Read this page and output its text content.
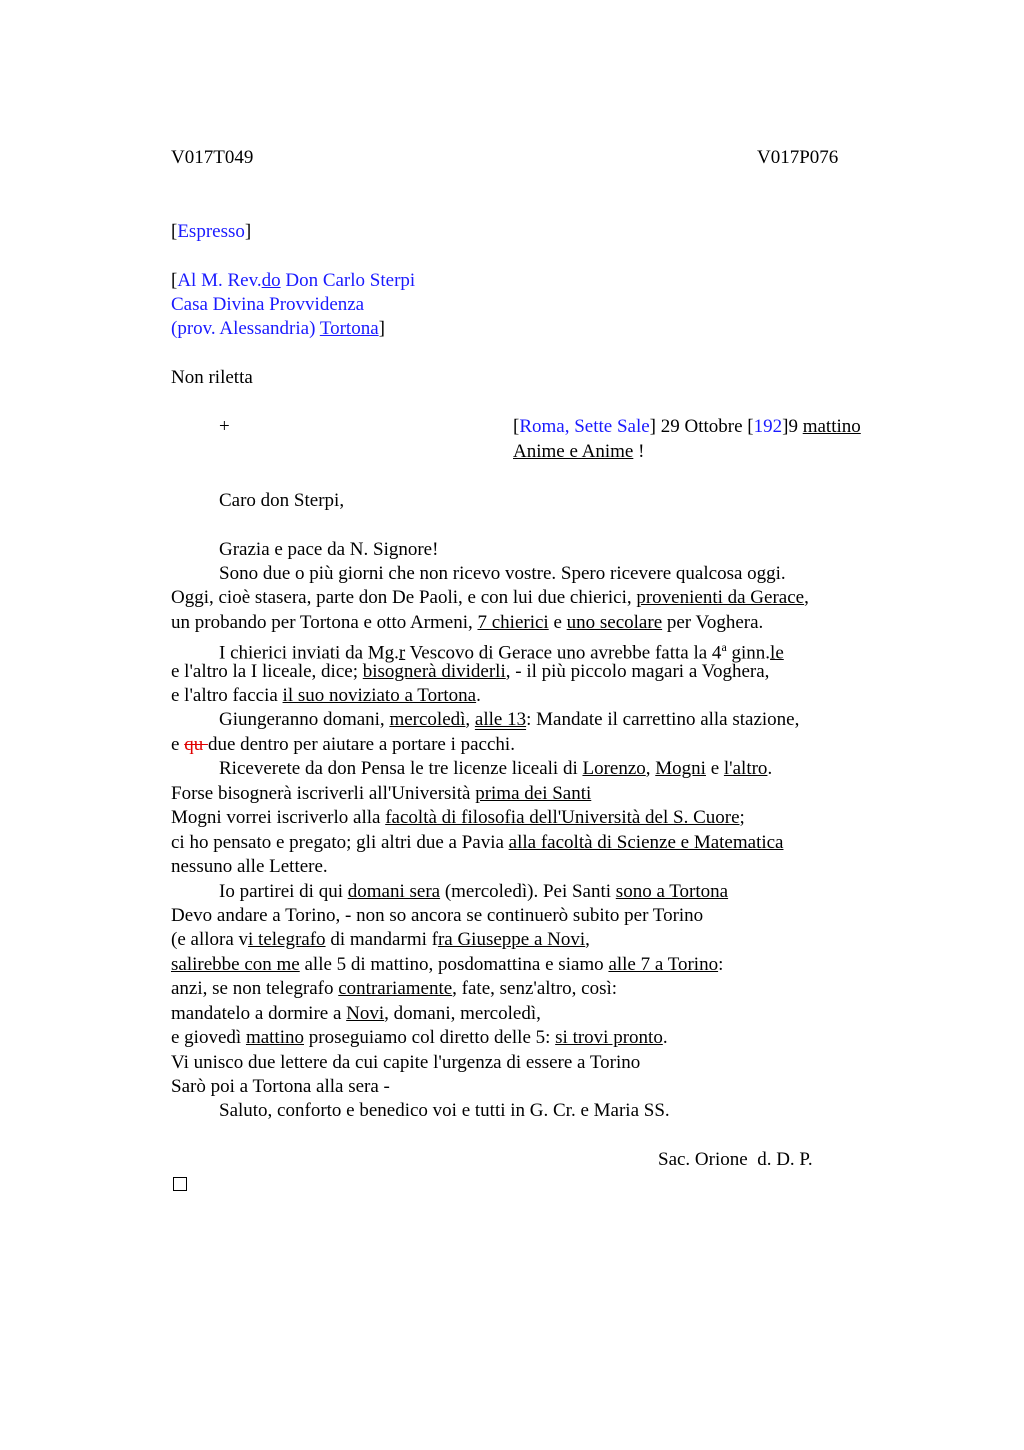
V017T049	V017P076
[Espresso]
[Al M. Rev.do Don Carlo Sterpi
Casa Divina Provvidenza
(prov. Alessandria) Tortona]
Non riletta
+	[Roma, Sette Sale] 29 Ottobre [192]9 mattino
Anime e Anime !
Caro don Sterpi,
Grazia e pace da N. Signore!
Sono due o più giorni che non ricevo vostre. Spero ricevere qualcosa oggi.
Oggi, cioè stasera, parte don De Paoli, e con lui due chierici, provenienti da Gerace,
un probando per Tortona e otto Armeni, 7 chierici e uno secolare per Voghera.
I chierici inviati da Mg.r Vescovo di Gerace uno avrebbe fatta la 4$^a$ ginn.le
e l'altro la I liceale, dice; bisognerà dividerli, - il più piccolo magari a Voghera,
e l'altro faccia il suo noviziato a Tortona.
Giungeranno domani, mercoledì, alle 13: Mandate il carrettino alla stazione,
e qu due dentro per aiutare a portare i pacchi.
Riceverete da don Pensa le tre licenze liceali di Lorenzo, Mogni e l'altro.
Forse bisognerà iscriverli all'Università prima dei Santi
Mogni vorrei iscriverlo alla facoltà di filosofia dell'Università del S. Cuore;
ci ho pensato e pregato; gli altri due a Pavia alla facoltà di Scienze e Matematica
nessuno alle Lettere.
Io partirei di qui domani sera (mercoledì). Pei Santi sono a Tortona
Devo andare a Torino, - non so ancora se continuerò subito per Torino
(e allora vi telegrafo di mandarmi fra Giuseppe a Novi,
salirebbe con me alle 5 di mattino, posdomattina e siamo alle 7 a Torino:
anzi, se non telegrafo contrariamente, fate, senz'altro, così:
mandatelo a dormire a Novi, domani, mercoledì,
e giovedì mattino proseguiamo col diretto delle 5: si trovi pronto.
Vi unisco due lettere da cui capite l'urgenza di essere a Torino
Sarò poi a Tortona alla sera -
Saluto, conforto e benedico voi e tutti in G. Cr. e Maria SS.
Sac. Orione  d. D. P.
